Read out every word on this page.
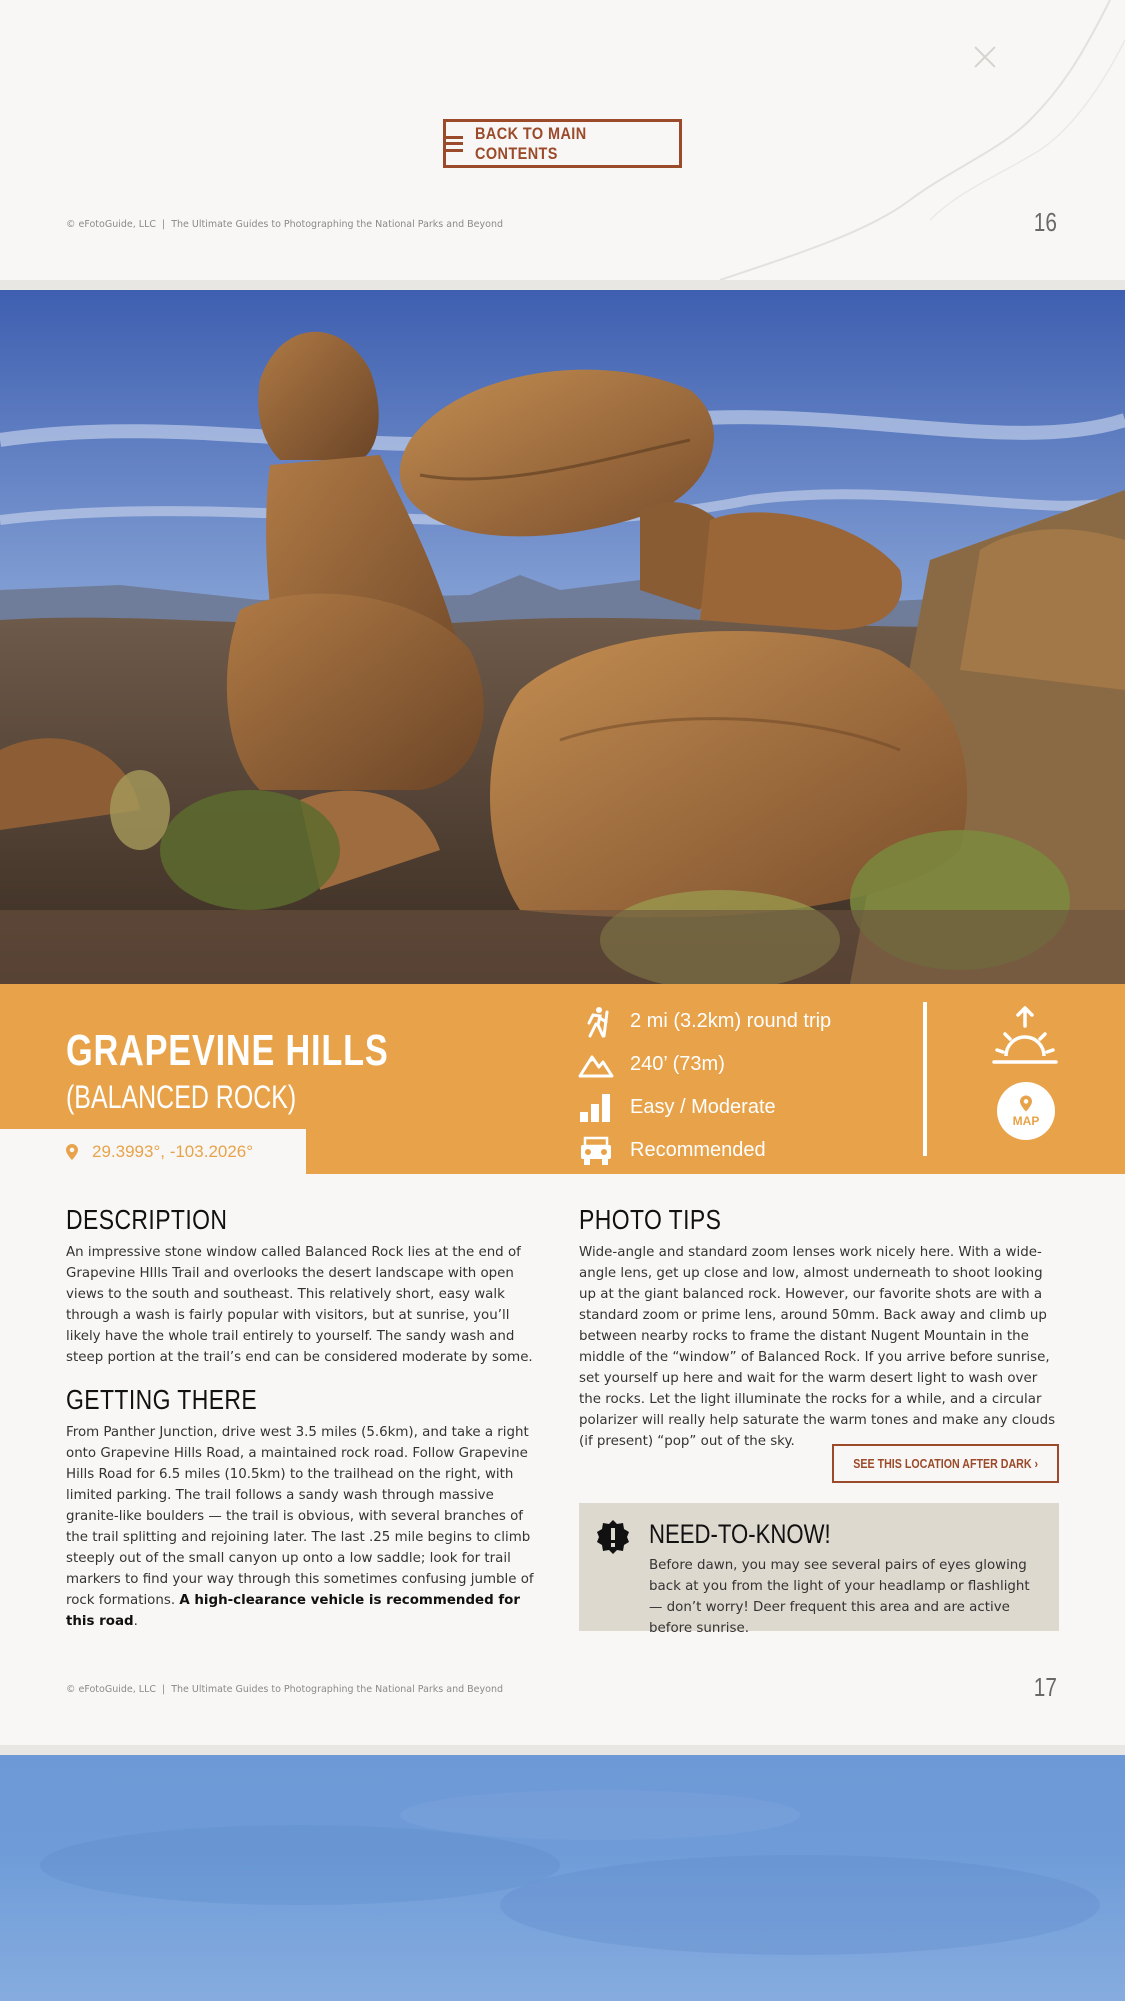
BACK TO MAIN CONTENTS
© eFotoGuide, LLC | The Ultimate Guides to Photographing the National Parks and Beyond	16
GRAPEVINE HILLS
(BALANCED ROCK)
29.3993°, -103.2026°
2 mi (3.2km) round trip
240’ (73m)
Easy / Moderate
Recommended
MAP
DESCRIPTION

An impressive stone window called Balanced Rock lies at the end of Grapevine HIlls Trail and overlooks the desert landscape with open views to the south and southeast. This relatively short, easy walk through a wash is fairly popular with visitors, but at sunrise, you’ll likely have the whole trail entirely to yourself. The sandy wash and steep portion at the trail’s end can be considered moderate by some.

GETTING THERE

From Panther Junction, drive west 3.5 miles (5.6km), and take a right onto Grapevine Hills Road, a maintained rock road. Follow Grapevine Hills Road for 6.5 miles (10.5km) to the trailhead on the right, with limited parking. The trail follows a sandy wash through massive granite-like boulders — the trail is obvious, with several branches of the trail splitting and rejoining later. The last .25 mile begins to climb steeply out of the small canyon up onto a low saddle; look for trail markers to find your way through this sometimes confusing jumble of rock formations. A high-clearance vehicle is recommended for this road.

PHOTO TIPS

Wide-angle and standard zoom lenses work nicely here. With a wide-angle lens, get up close and low, almost underneath to shoot looking up at the giant balanced rock. However, our favorite shots are with a standard zoom or prime lens, around 50mm. Back away and climb up between nearby rocks to frame the distant Nugent Mountain in the middle of the “window” of Balanced Rock. If you arrive before sunrise, set yourself up here and wait for the warm desert light to wash over the rocks. Let the light illuminate the rocks for a while, and a circular polarizer will really help saturate the warm tones and make any clouds (if present) “pop” out of the sky.

SEE THIS LOCATION AFTER DARK ›
NEED-TO-KNOW!

Before dawn, you may see several pairs of eyes glowing back at you from the light of your headlamp or flashlight — don’t worry! Deer frequent this area and are active before sunrise.

© eFotoGuide, LLC | The Ultimate Guides to Photographing the National Parks and Beyond	17
